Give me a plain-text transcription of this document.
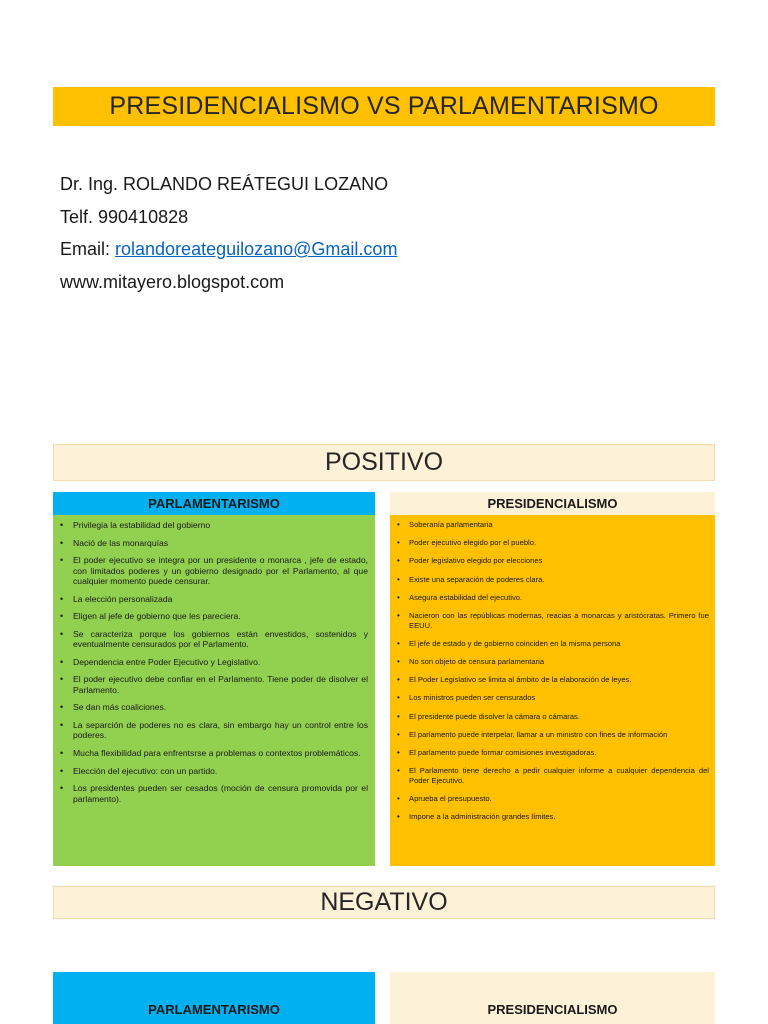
PRESIDENCIALISMO VS PARLAMENTARISMO
Dr. Ing. ROLANDO REÁTEGUI LOZANO
Telf. 990410828
Email: rolandoreateguilozano@Gmail.com
www.mitayero.blogspot.com
POSITIVO
PARLAMENTARISMO
• Privilegia la estabilidad del gobierno
• Nació de las monarquías
• El poder ejecutivo se integra por un presidente o monarca , jefe de estado, con limitados poderes y un gobierno designado por el Parlamento, al que cualquier momento puede censurar.
• La elección personalizada
• Eligen al jefe de gobierno que les pareciera.
• Se caracteriza porque los gobiernos están envestidos, sostenidos y eventualmente censurados por el Parlamento.
• Dependencia entre Poder Ejecutivo y Legislativo.
• El poder ejecutivo debe confiar en el Parlamento. Tiene poder de disolver el Parlamento.
• Se dan más coaliciones.
• La separción de poderes no es clara, sin embargo hay un control entre los poderes.
• Mucha flexibilidad para enfrentsrse a problemas o contextos problemáticos.
• Elección del ejecutivo: con un partido.
• Los presidentes pueden ser cesados (moción de censura promovida por el parlamento).
PRESIDENCIALISMO
• Soberanía parlamentaria
• Poder ejecutivo elegido por el pueblo.
• Poder legislativo elegido por elecciones
• Existe una separación de poderes clara.
• Asegura estabilidad del ejecutivo.
• Nacieron con las repúblicas modernas, reacias a monarcas y aristócratas. Primero fue EEUU.
• El jefe de estado y de gobierno coinciden en la misma persona
• No son objeto de censura parlamentaria
• El Poder Legislativo se limita al ámbito de la elaboración de leyes.
• Los ministros pueden ser censurados
• El presidente puede disolver la cámara o cámaras.
• El parlamento puede interpelar, llamar a un ministro con fines de información
• El parlamento puede formar comisiones investigadoras.
• El Parlamento tiene derecho a pedir cualquier informe a cualquier dependencia del Poder Ejecutivo.
• Aprueba el presupuesto.
• Impone a la administración grandes límites.
NEGATIVO
PARLAMENTARISMO	PRESIDENCIALISMO
